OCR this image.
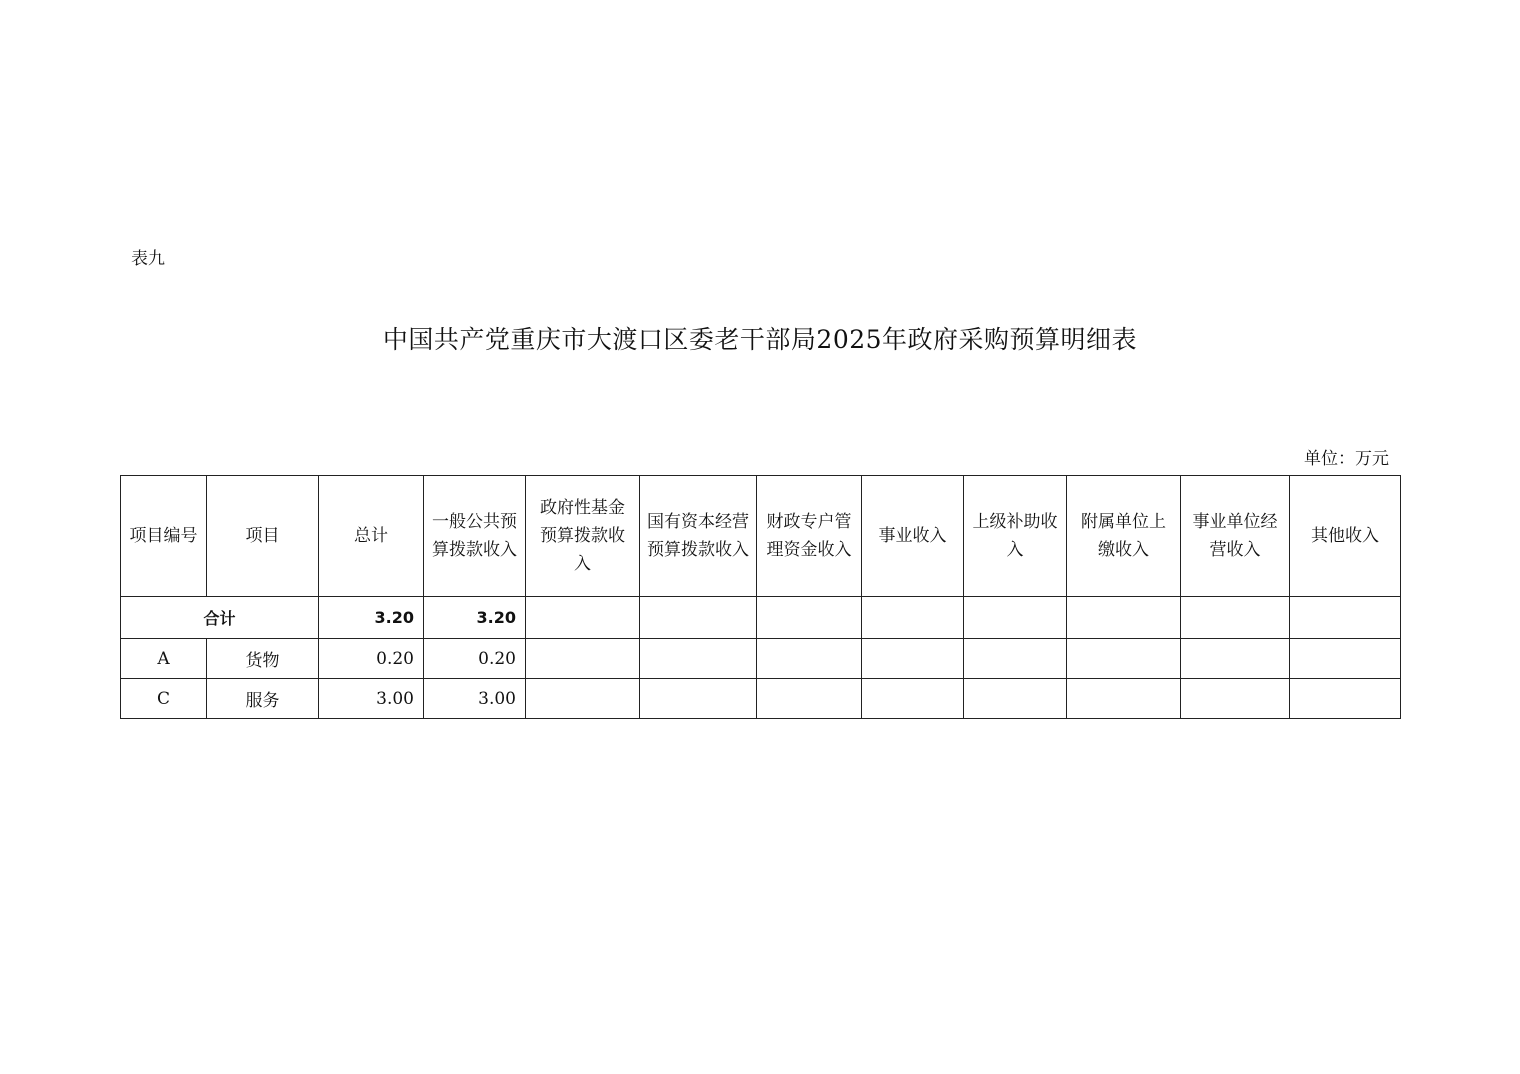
表九
中国共产党重庆市大渡口区委老干部局2025年政府采购预算明细表
单位：万元
项目编号	项目	总计	一般公共预算拨款收入	政府性基金预算拨款收入	国有资本经营预算拨款收入	财政专户管理资金收入	事业收入	上级补助收入	附属单位上缴收入	事业单位经营收入	其他收入
合计		3.20	3.20								
A	货物	0.20	0.20								
C	服务	3.00	3.00								
